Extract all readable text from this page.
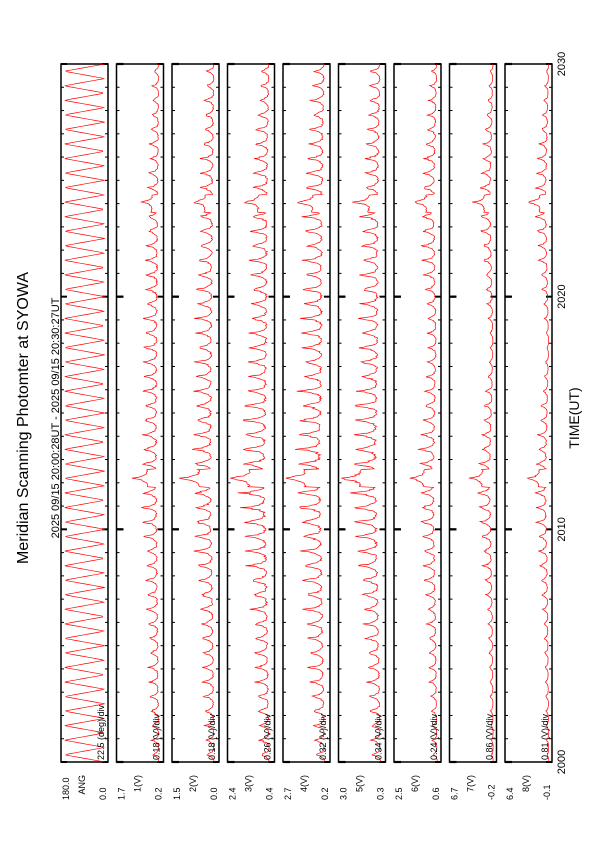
Meridian Scanning Photomter at SYOWA 2025 09/15 20:00:28UT - 2025 09/15 20:30:27UT	TIME(UT)
180.0 ANG 0.0
22.5 (deg)/div
1.7
1(V)
0.2
0.18 (V)/div
1.5
2(V)
0.0
0.18 (V)/div
2.4
3(V)
0.4
0.26 (V)/div
2.7
4(V)
0.2
0.32 (V)/div
3.0
5(V)
0.3
0.34 (V)/div
2.5
6(V)
0.6
0.24 (V)/div
6.7
7(V)
-0.2
0.86 (V)/div
6.4
8(V)
-0.1
0.81 (V)/div
2000
2010
2020
2030
